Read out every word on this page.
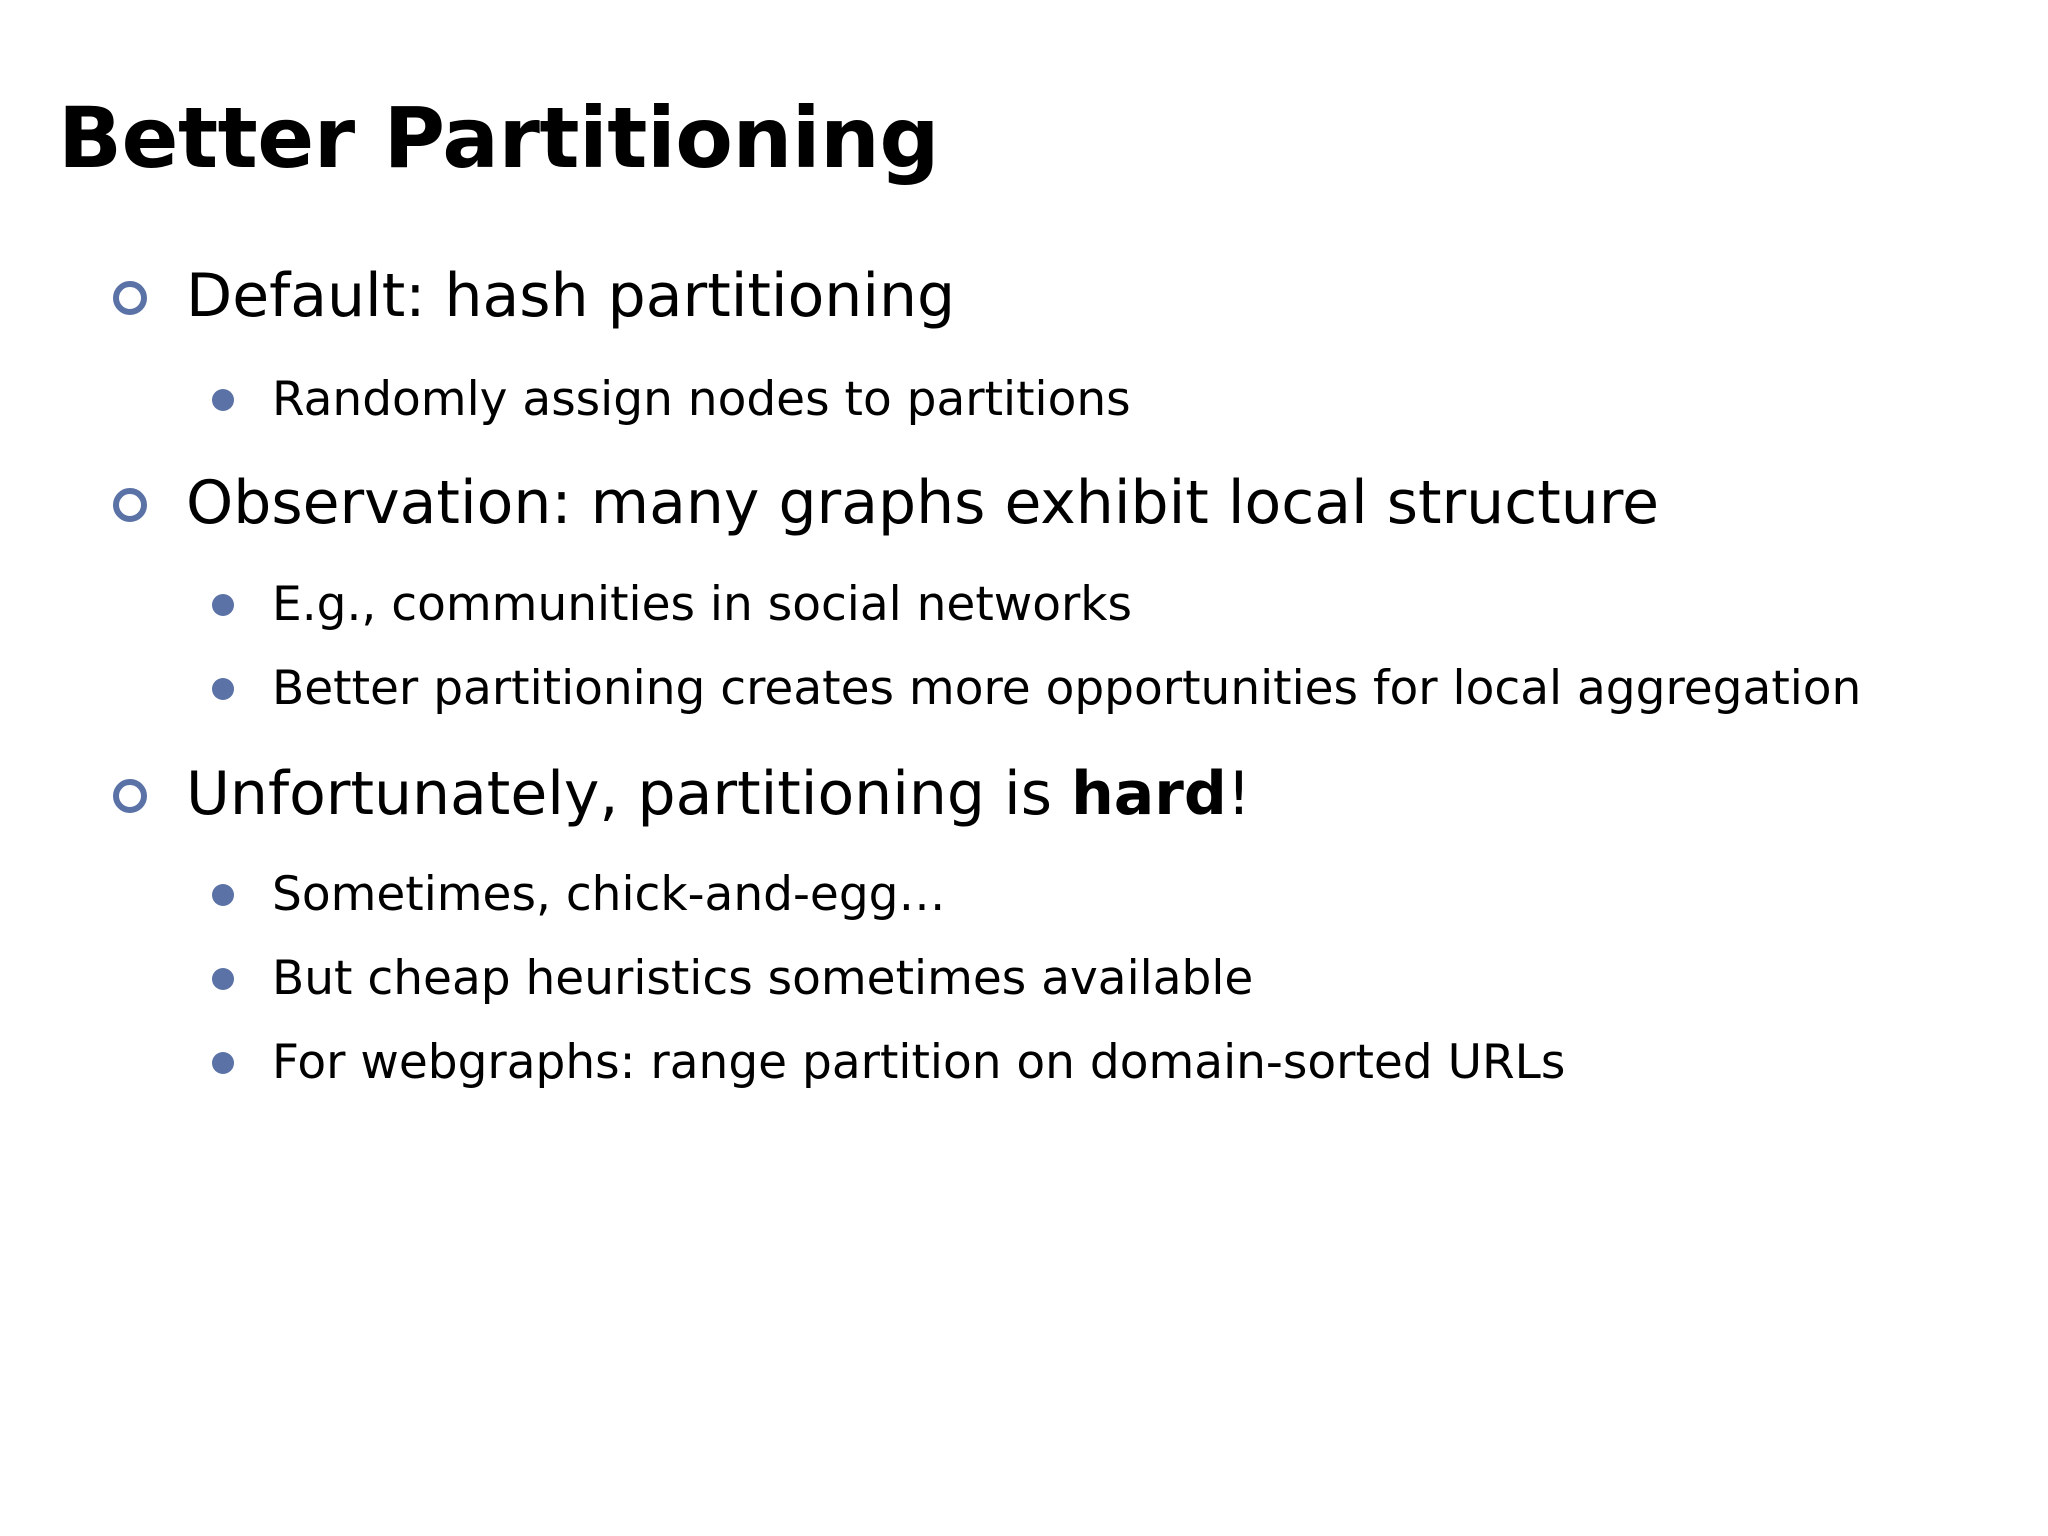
Better Partitioning
Default: hash partitioning
Randomly assign nodes to partitions
Observation: many graphs exhibit local structure
E.g., communities in social networks
Better partitioning creates more opportunities for local aggregation
Unfortunately, partitioning is hard!
Sometimes, chick-and-egg…
But cheap heuristics sometimes available
For webgraphs: range partition on domain-sorted URLs
